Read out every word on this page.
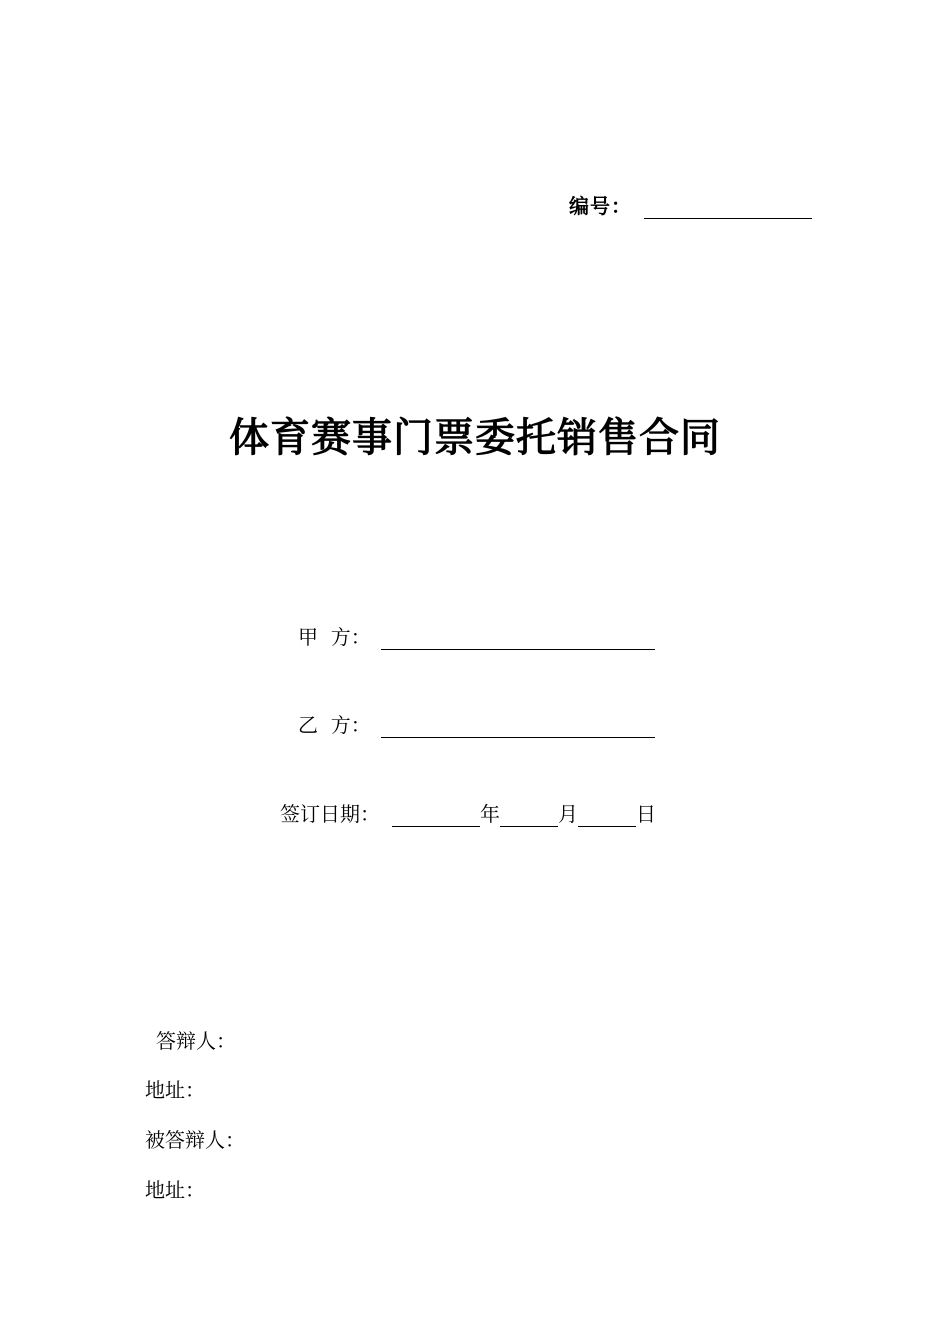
编号：
体育赛事门票委托销售合同
甲  方：
乙  方：
签订日期：	年	月	日
答辩人：
地址：
被答辩人：
地址：
